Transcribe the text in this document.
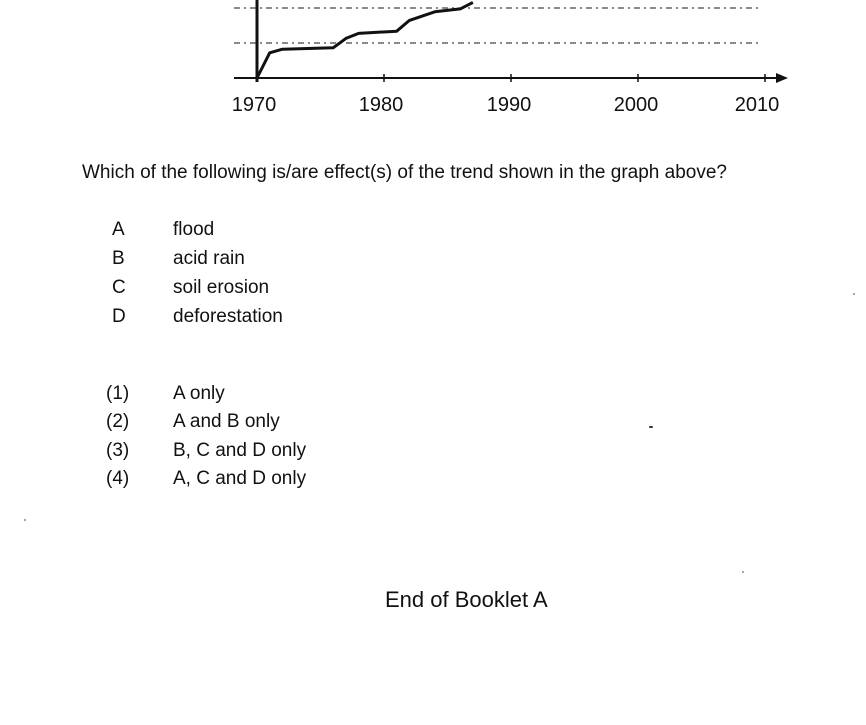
1970	1980	1990	2000	2010
Which of the following is/are effect(s) of the trend shown in the graph above?
A	flood
B	acid rain
C soil erosion
D deforestation
(1) A only
(2) A and B only
(3) B, C and D only
(4) A, C and D only
End of Booklet A
